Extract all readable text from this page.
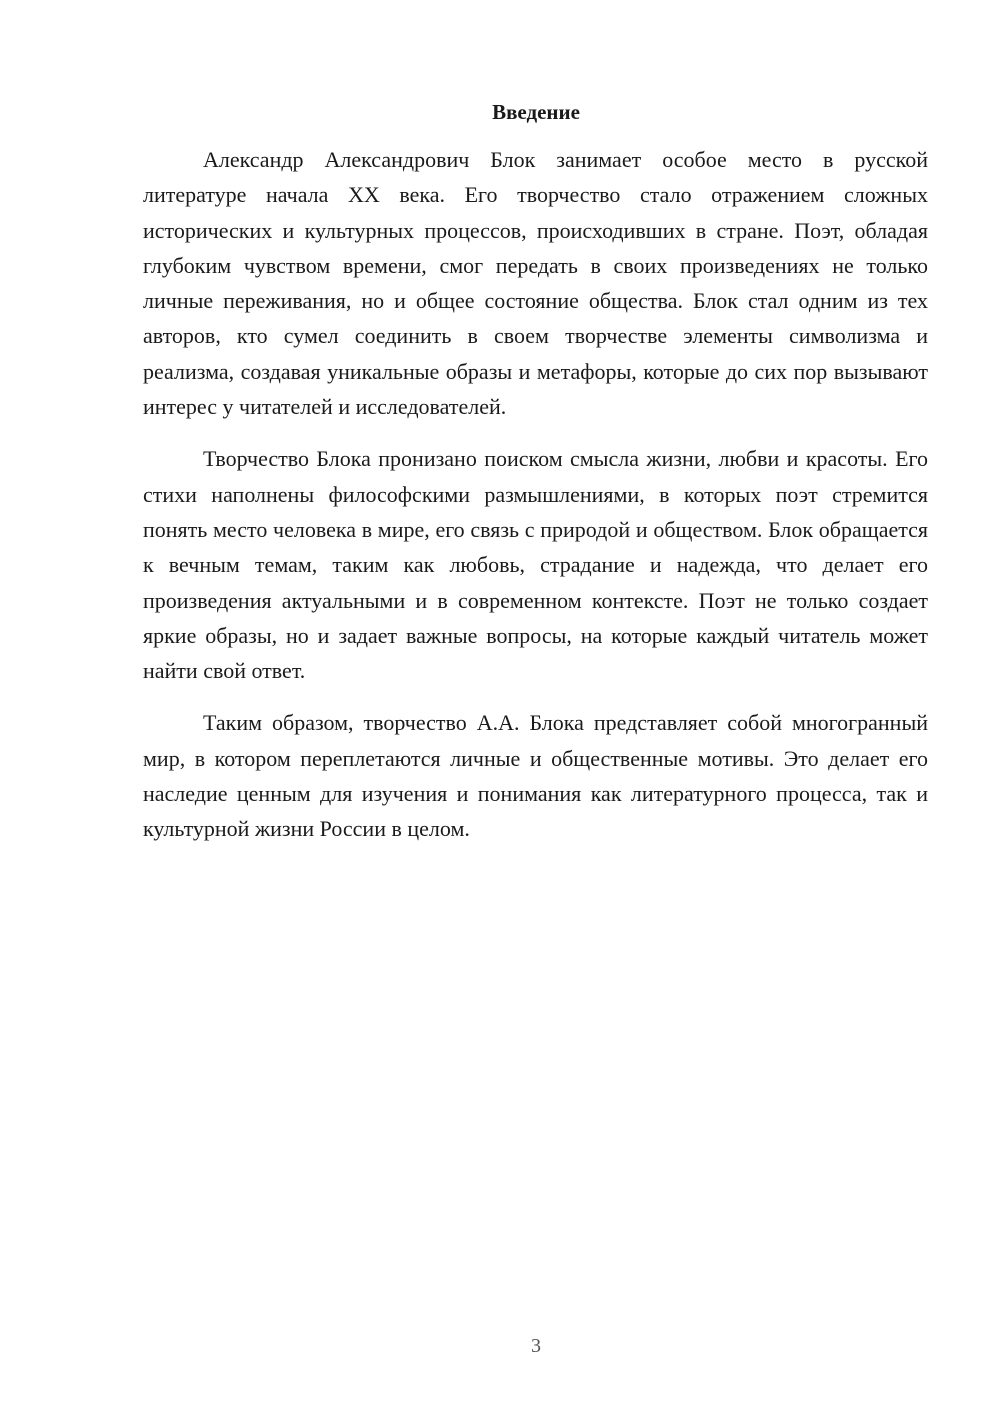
Введение

Александр Александрович Блок занимает особое место в русской литературе начала XX века. Его творчество стало отражением сложных исторических и культурных процессов, происходивших в стране. Поэт, обладая глубоким чувством времени, смог передать в своих произведениях не только личные переживания, но и общее состояние общества. Блок стал одним из тех авторов, кто сумел соединить в своем творчестве элементы символизма и реализма, создавая уникальные образы и метафоры, которые до сих пор вызывают интерес у читателей и исследователей.

Творчество Блока пронизано поиском смысла жизни, любви и красоты. Его стихи наполнены философскими размышлениями, в которых поэт стремится понять место человека в мире, его связь с природой и обществом. Блок обращается к вечным темам, таким как любовь, страдание и надежда, что делает его произведения актуальными и в современном контексте. Поэт не только создает яркие образы, но и задает важные вопросы, на которые каждый читатель может найти свой ответ.

Таким образом, творчество А.А. Блока представляет собой многогранный мир, в котором переплетаются личные и общественные мотивы. Это делает его наследие ценным для изучения и понимания как литературного процесса, так и культурной жизни России в целом.

3
